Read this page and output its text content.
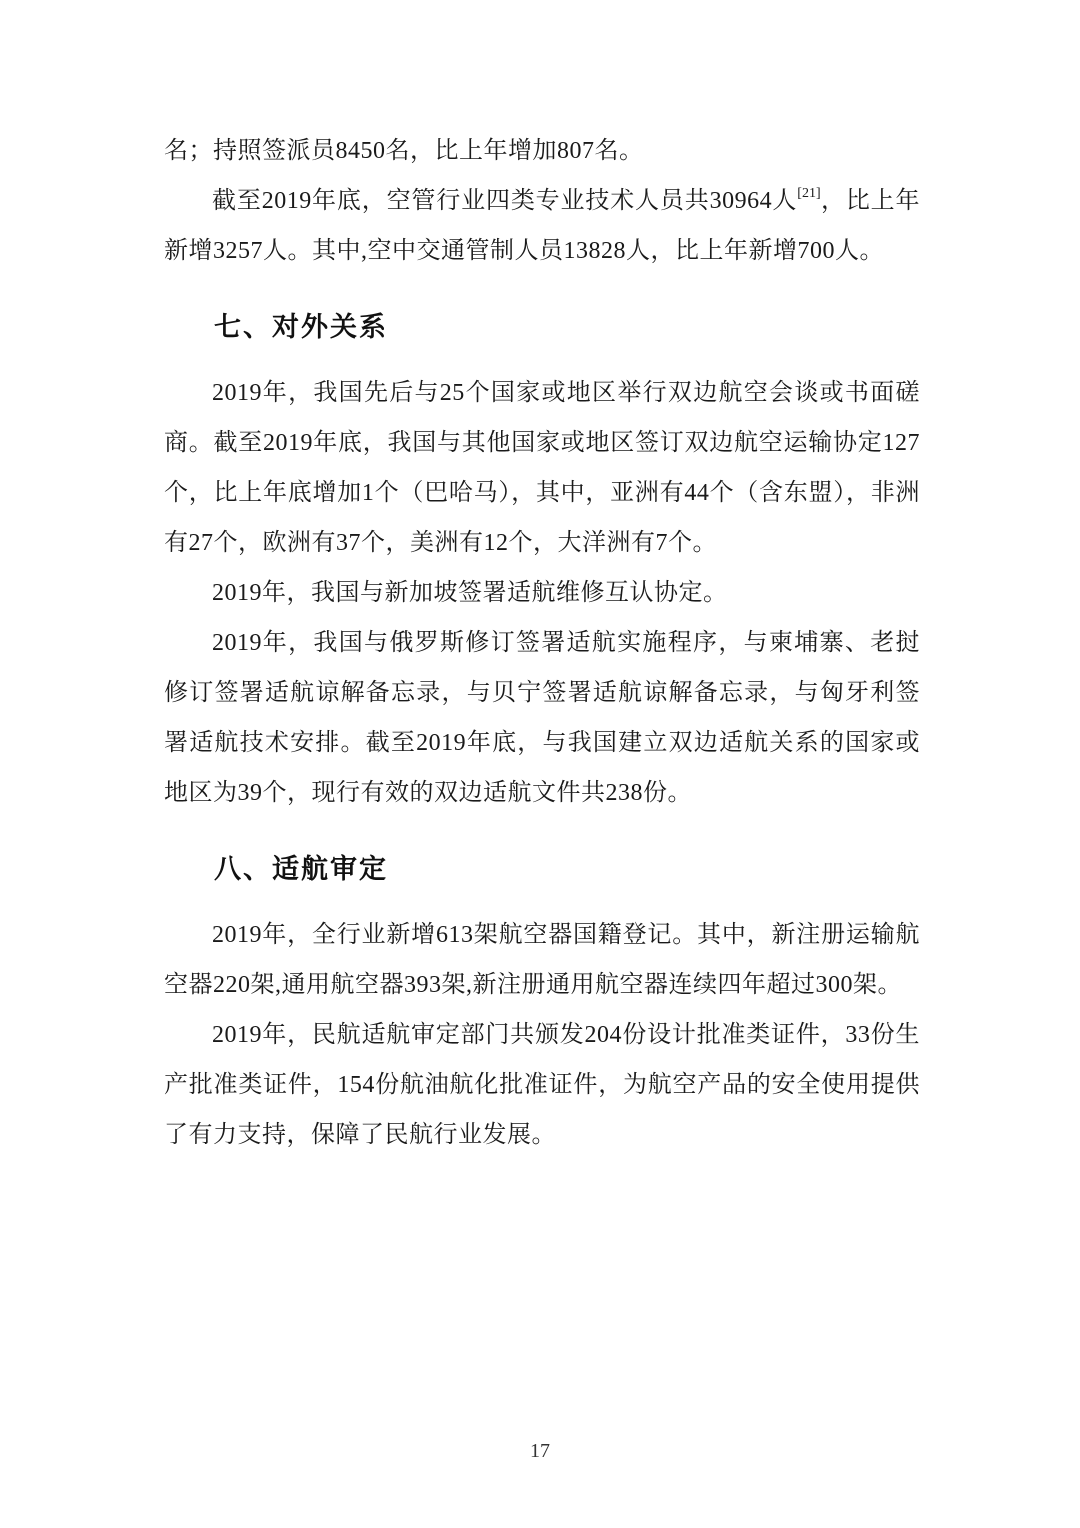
名；持照签派员8450名，比上年增加807名。

截至2019年底，空管行业四类专业技术人员共30964人[21]，比上年新增3257人。其中,空中交通管制人员13828人，比上年新增700人。

七、对外关系

2019年，我国先后与25个国家或地区举行双边航空会谈或书面磋商。截至2019年底，我国与其他国家或地区签订双边航空运输协定127个，比上年底增加1个（巴哈马），其中，亚洲有44个（含东盟），非洲有27个，欧洲有37个，美洲有12个，大洋洲有7个。

2019年，我国与新加坡签署适航维修互认协定。

2019年，我国与俄罗斯修订签署适航实施程序，与柬埔寨、老挝修订签署适航谅解备忘录，与贝宁签署适航谅解备忘录，与匈牙利签署适航技术安排。截至2019年底，与我国建立双边适航关系的国家或地区为39个，现行有效的双边适航文件共238份。

八、适航审定

2019年，全行业新增613架航空器国籍登记。其中，新注册运输航空器220架,通用航空器393架,新注册通用航空器连续四年超过300架。

2019年，民航适航审定部门共颁发204份设计批准类证件，33份生产批准类证件，154份航油航化批准证件，为航空产品的安全使用提供了有力支持，保障了民航行业发展。

17
